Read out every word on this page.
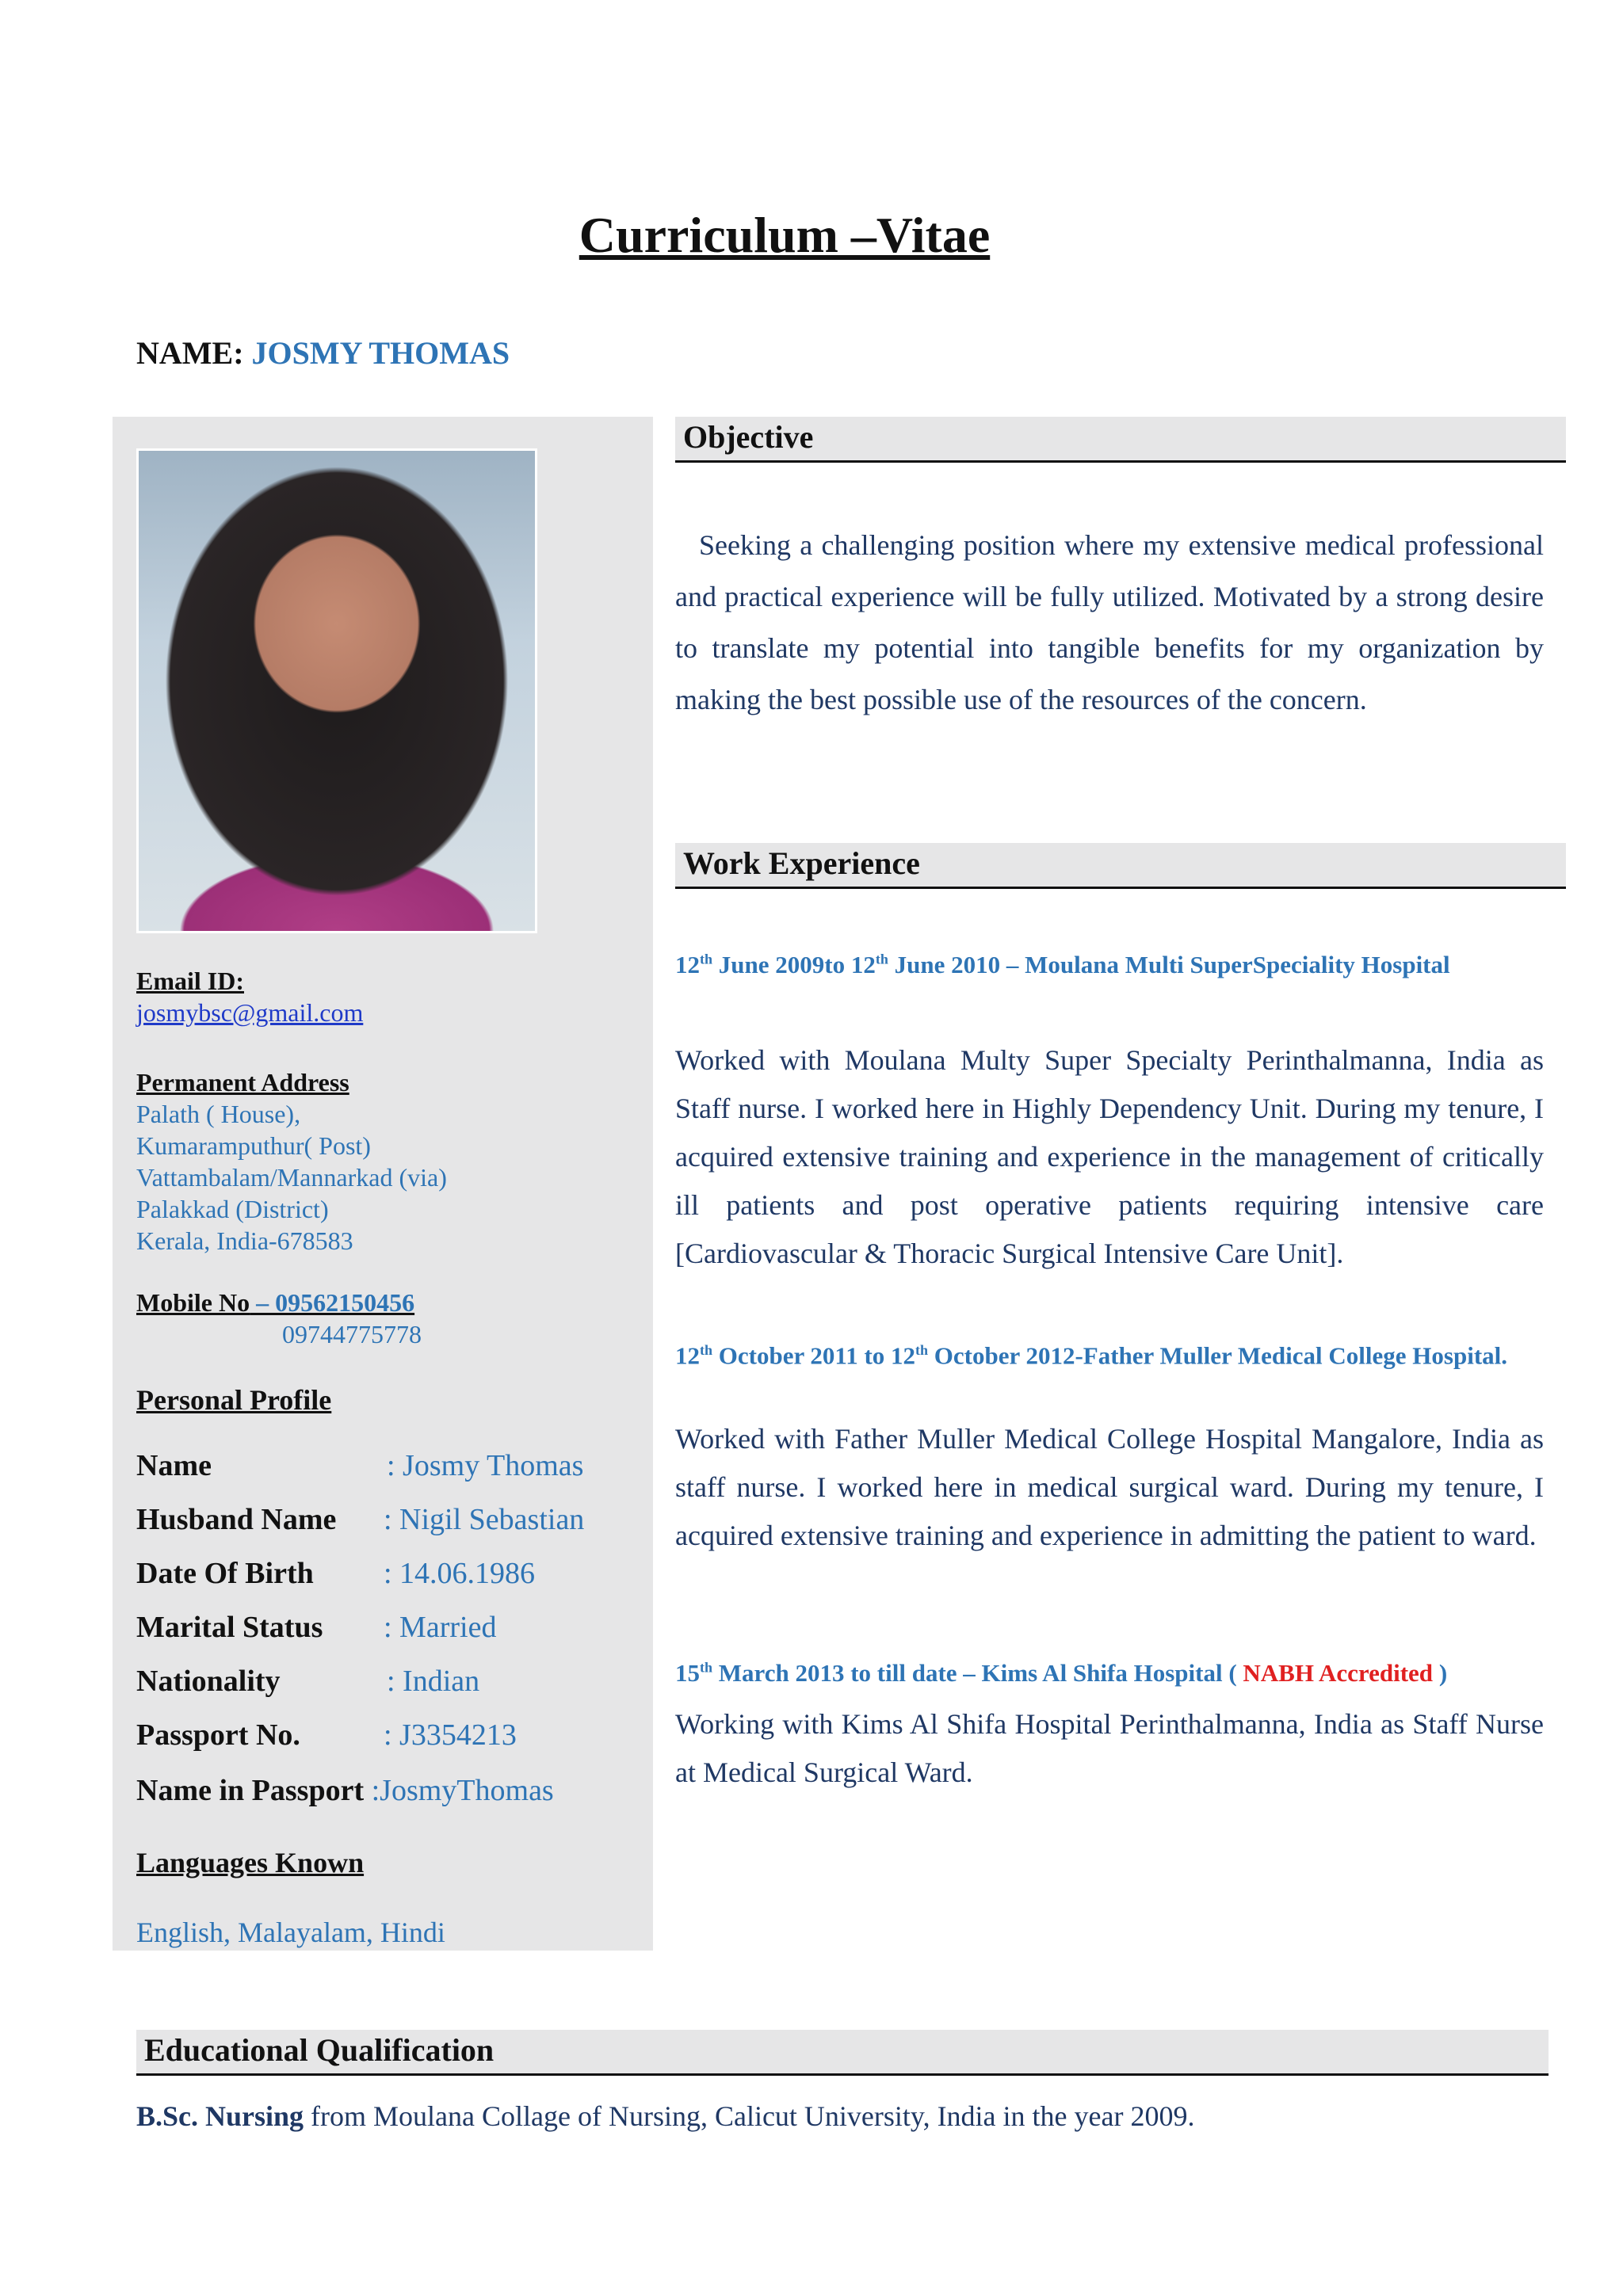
Curriculum –Vitae
NAME: JOSMY THOMAS
Email ID:
josmybsc@gmail.com
Permanent Address
Palath ( House),
Kumaramputhur( Post)
Vattambalam/Mannarkad (via)
Palakkad (District)
Kerala, India-678583
Mobile No – 09562150456
09744775778
Personal Profile
Name	: Josmy Thomas
Husband Name : Nigil Sebastian
Date Of Birth : 14.06.1986
Marital Status : Married
Nationality	: Indian
Passport No.	: J3354213
Name in Passport :JosmyThomas
Languages Known
English, Malayalam, Hindi
Objective
Seeking a challenging position where my extensive medical professional and practical experience will be fully utilized. Motivated by a strong desire to translate my potential into tangible benefits for my organization by making the best possible use of the resources of the concern.
Work Experience
12th June 2009to 12th June 2010 – Moulana Multi SuperSpeciality Hospital
Worked with Moulana Multy Super Specialty Perinthalmanna, India as Staff nurse. I worked here in Highly Dependency Unit. During my tenure, I acquired extensive training and experience in the management of critically ill patients and post operative patients requiring intensive care [Cardiovascular & Thoracic Surgical Intensive Care Unit].
12th October 2011 to 12th October 2012-Father Muller Medical College Hospital.
Worked with Father Muller Medical College Hospital Mangalore, India as staff nurse. I worked here in medical surgical ward. During my tenure, I acquired extensive training and experience in admitting the patient to ward.
15th March 2013 to till date – Kims Al Shifa Hospital ( NABH Accredited )
Working with Kims Al Shifa Hospital Perinthalmanna, India as Staff Nurse at Medical Surgical Ward.
Educational Qualification
B.Sc. Nursing from Moulana Collage of Nursing, Calicut University, India in the year 2009.
